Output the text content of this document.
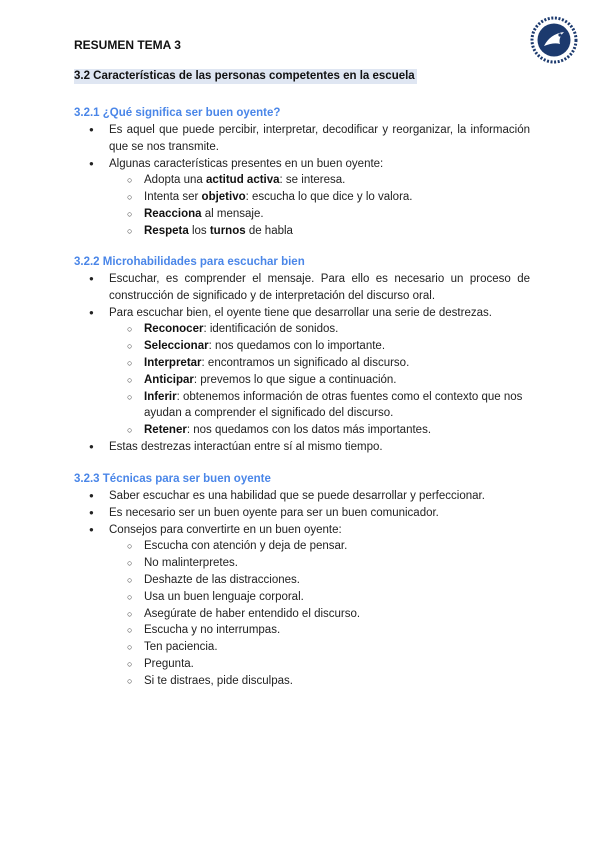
RESUMEN TEMA 3
3.2 Características de las personas competentes en la escuela
3.2.1 ¿Qué significa ser buen oyente?
● Es aquel que puede percibir, interpretar, decodificar y reorganizar, la información que se nos transmite.
● Algunas características presentes en un buen oyente:
○ Adopta una actitud activa: se interesa.
○ Intenta ser objetivo: escucha lo que dice y lo valora.
○ Reacciona al mensaje.
○ Respeta los turnos de habla
3.2.2 Microhabilidades para escuchar bien
● Escuchar, es comprender el mensaje. Para ello es necesario un proceso de construcción de significado y de interpretación del discurso oral.
● Para escuchar bien, el oyente tiene que desarrollar una serie de destrezas.
○ Reconocer: identificación de sonidos.
○ Seleccionar: nos quedamos con lo importante.
○ Interpretar: encontramos un significado al discurso.
○ Anticipar: prevemos lo que sigue a continuación.
○ Inferir: obtenemos información de otras fuentes como el contexto que nos ayudan a comprender el significado del discurso.
○ Retener: nos quedamos con los datos más importantes.
● Estas destrezas interactúan entre sí al mismo tiempo.
3.2.3 Técnicas para ser buen oyente
● Saber escuchar es una habilidad que se puede desarrollar y perfeccionar.
● Es necesario ser un buen oyente para ser un buen comunicador.
● Consejos para convertirte en un buen oyente:
○ Escucha con atención y deja de pensar.
○ No malinterpretes.
○ Deshazte de las distracciones.
○ Usa un buen lenguaje corporal.
○ Asegúrate de haber entendido el discurso.
○ Escucha y no interrumpas.
○ Ten paciencia.
○ Pregunta.
○ Si te distraes, pide disculpas.
